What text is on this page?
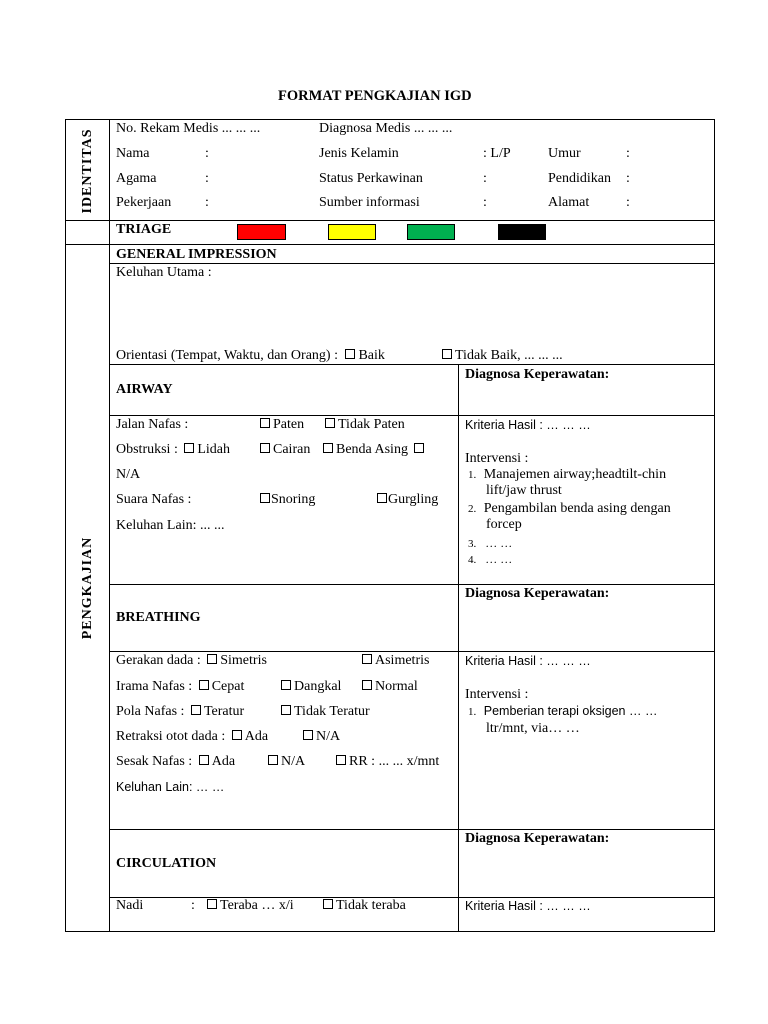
FORMAT PENGKAJIAN IGD
IDENTITAS No. Rekam Medis ... ... ...	Diagnosa Medis ... ... ...
Nama	:	Jenis Kelamin	: L/P	Umur	:
Agama	:	Status Perkawinan	:	Pendidikan :
Pekerjaan :	Sumber informasi	:	Alamat	:
TRIAGE
PENGKAJIAN
GENERAL IMPRESSION
Keluhan Utama :
Orientasi (Tempat, Waktu, dan Orang) : Baik	Tidak Baik, ... ... ...
AIRWAY
Diagnosa Keperawatan:
Jalan Nafas :	Paten	Tidak Paten
Obstruksi : Lidah	Cairan	Benda Asing
N/A
Suara Nafas :	Snoring	Gurgling
Keluhan Lain: ... ...
Kriteria Hasil : … … …
Intervensi :
1. Manajemen airway;headtilt-chin
lift/jaw thrust
2. Pengambilan benda asing dengan
forcep
3. … …
4. … …
Diagnosa Keperawatan:
BREATHING
Gerakan dada : Simetris	Asimetris
Irama Nafas : Cepat	Dangkal	Normal
Pola Nafas : Teratur	Tidak Teratur
Retraksi otot dada : Ada	N/A
Sesak Nafas : Ada	N/A	RR : ... ... x/mnt
Keluhan Lain: … …
Kriteria Hasil : … … …
Intervensi :
1. Pemberian terapi oksigen … …
ltr/mnt, via… …
Diagnosa Keperawatan:
CIRCULATION
Nadi	:	Teraba … x/i	Tidak teraba	Kriteria Hasil : … … …
